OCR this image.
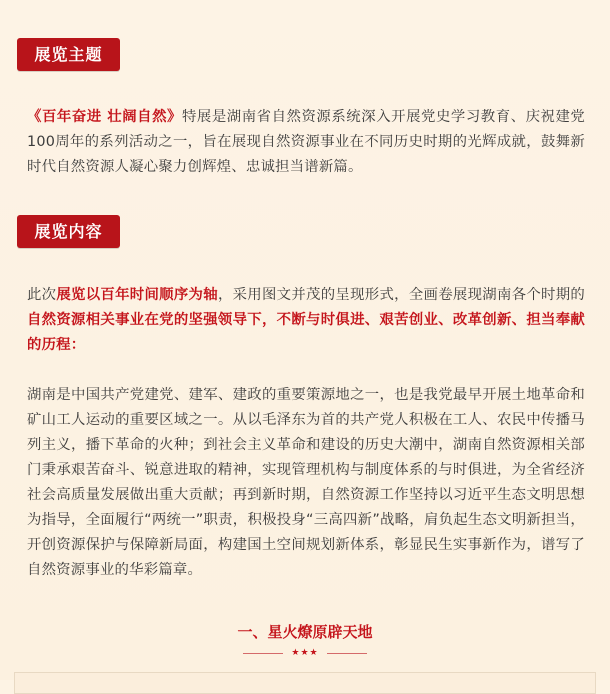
展览主题
《百年奋进 壮阔自然》特展是湖南省自然资源系统深入开展党史学习教育、庆祝建党100周年的系列活动之一，旨在展现自然资源事业在不同历史时期的光辉成就，鼓舞新时代自然资源人凝心聚力创辉煌、忠诚担当谱新篇。
展览内容
此次展览以百年时间顺序为轴，采用图文并茂的呈现形式，全画卷展现湖南各个时期的自然资源相关事业在党的坚强领导下，不断与时俱进、艰苦创业、改革创新、担当奉献的历程：
湖南是中国共产党建党、建军、建政的重要策源地之一，也是我党最早开展土地革命和矿山工人运动的重要区域之一。从以毛泽东为首的共产党人积极在工人、农民中传播马列主义，播下革命的火种；到社会主义革命和建设的历史大潮中，湖南自然资源相关部门秉承艰苦奋斗、锐意进取的精神，实现管理机构与制度体系的与时俱进，为全省经济社会高质量发展做出重大贡献；再到新时期，自然资源工作坚持以习近平生态文明思想为指导，全面履行“两统一”职责，积极投身“三高四新”战略，肩负起生态文明新担当，开创资源保护与保障新局面，构建国土空间规划新体系，彰显民生实事新作为，谱写了自然资源事业的华彩篇章。
一、星火燎原辟天地
★★★
